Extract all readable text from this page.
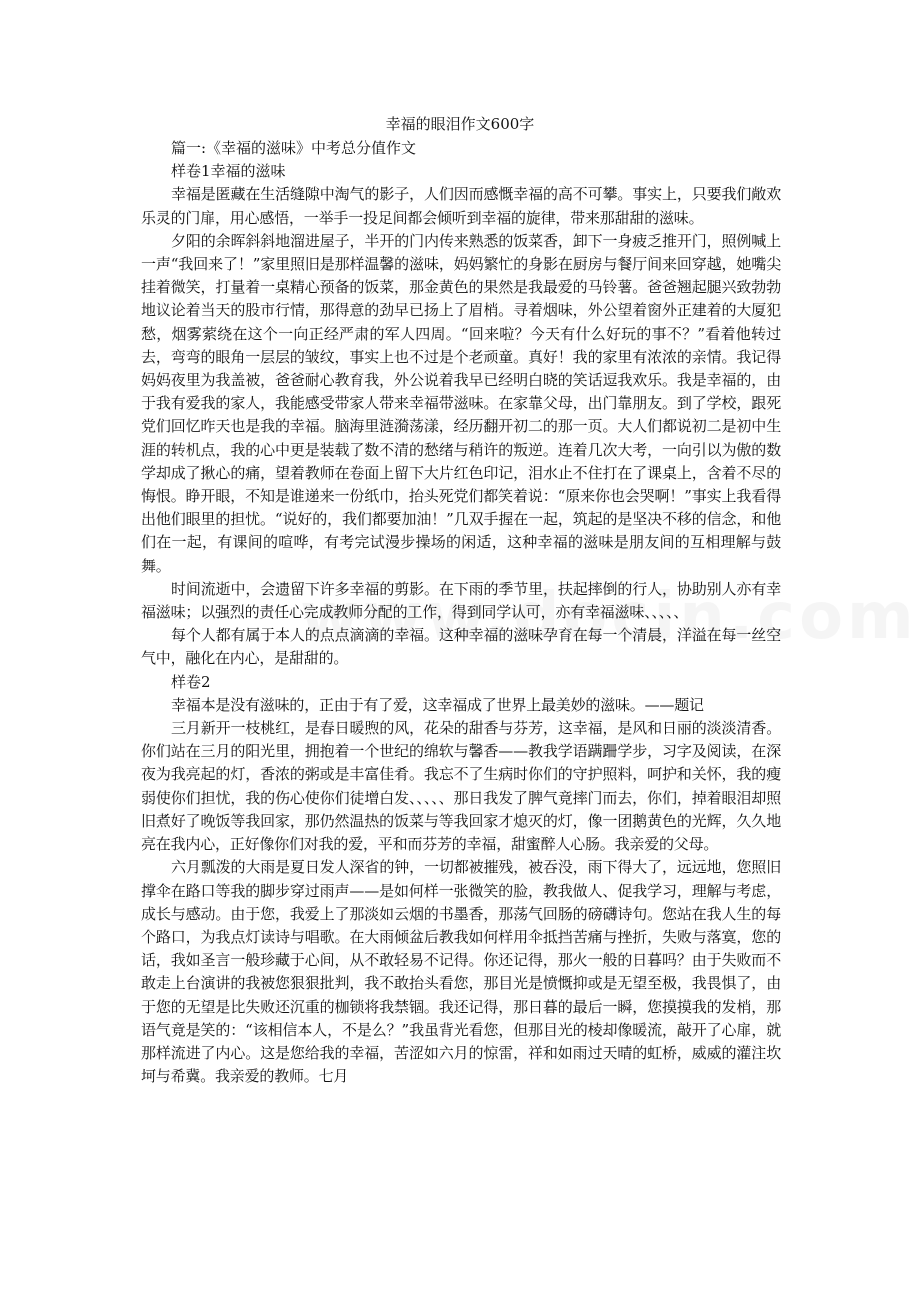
幸福的眼泪作文600字

篇一:《幸福的滋味》中考总分值作文

样卷1幸福的滋味

幸福是匿藏在生活缝隙中淘气的影子，人们因而感慨幸福的高不可攀。事实上，只要我们敞欢乐灵的门扉，用心感悟，一举手一投足间都会倾听到幸福的旋律，带来那甜甜的滋味。

夕阳的余晖斜斜地溜进屋子，半开的门内传来熟悉的饭菜香，卸下一身疲乏推开门，照例喊上一声“我回来了！”家里照旧是那样温馨的滋味，妈妈繁忙的身影在厨房与餐厅间来回穿越，她嘴尖挂着微笑，打量着一桌精心预备的饭菜，那金黄色的果然是我最爱的马铃薯。爸爸翘起腿兴致勃勃地议论着当天的股市行情，那得意的劲早已扬上了眉梢。寻着烟味，外公望着窗外正建着的大厦犯愁，烟雾萦绕在这个一向正经严肃的军人四周。“回来啦？今天有什么好玩的事不？”看着他转过去，弯弯的眼角一层层的皱纹，事实上也不过是个老顽童。真好！我的家里有浓浓的亲情。我记得妈妈夜里为我盖被，爸爸耐心教育我，外公说着我早已经明白晓的笑话逗我欢乐。我是幸福的，由于我有爱我的家人，我能感受带家人带来幸福带滋味。在家靠父母，出门靠朋友。到了学校，跟死党们回忆昨天也是我的幸福。脑海里涟漪荡漾，经历翻开初二的那一页。大人们都说初二是初中生涯的转机点，我的心中更是装载了数不清的愁绪与稍许的叛逆。连着几次大考，一向引以为傲的数学却成了揪心的痛，望着教师在卷面上留下大片红色印记，泪水止不住打在了课桌上，含着不尽的悔恨。睁开眼，不知是谁递来一份纸巾，抬头死党们都笑着说：“原来你也会哭啊！”事实上我看得出他们眼里的担忧。“说好的，我们都要加油！”几双手握在一起，筑起的是坚决不移的信念，和他们在一起，有课间的喧哗，有考完试漫步操场的闲适，这种幸福的滋味是朋友间的互相理解与鼓舞。

时间流逝中，会遗留下许多幸福的剪影。在下雨的季节里，扶起摔倒的行人，协助别人亦有幸福滋味；以强烈的责任心完成教师分配的工作，得到同学认可，亦有幸福滋味、、、、、

每个人都有属于本人的点点滴滴的幸福。这种幸福的滋味孕育在每一个清晨，洋溢在每一丝空气中，融化在内心，是甜甜的。

样卷2

幸福本是没有滋味的，正由于有了爱，这幸福成了世界上最美妙的滋味。——题记

三月新开一枝桃红，是春日暖煦的风，花朵的甜香与芬芳，这幸福，是风和日丽的淡淡清香。你们站在三月的阳光里，拥抱着一个世纪的绵软与馨香——教我学语蹒跚学步，习字及阅读，在深夜为我亮起的灯，香浓的粥或是丰富佳肴。我忘不了生病时你们的守护照料，呵护和关怀，我的瘦弱使你们担忧，我的伤心使你们徒增白发、、、、、那日我发了脾气竟摔门而去，你们，掉着眼泪却照旧煮好了晚饭等我回家，那仍然温热的饭菜与等我回家才熄灭的灯，像一团鹅黄色的光辉，久久地亮在我内心，正好像你们对我的爱，平和而芬芳的幸福，甜蜜醉人心肠。我亲爱的父母。

六月瓢泼的大雨是夏日发人深省的钟，一切都被摧残，被吞没，雨下得大了，远远地，您照旧撑伞在路口等我的脚步穿过雨声——是如何样一张微笑的脸，教我做人、促我学习，理解与考虑，成长与感动。由于您，我爱上了那淡如云烟的书墨香，那荡气回肠的磅礴诗句。您站在我人生的每个路口，为我点灯读诗与唱歌。在大雨倾盆后教我如何样用伞抵挡苦痛与挫折，失败与落寞，您的话，我如圣言一般珍藏于心间，从不敢轻易不记得。你还记得，那火一般的日暮吗？由于失败而不敢走上台演讲的我被您狠狠批判，我不敢抬头看您，那目光是愤慨抑或是无望至极，我畏惧了，由于您的无望是比失败还沉重的枷锁将我禁锢。我还记得，那日暮的最后一瞬，您摸摸我的发梢，那语气竟是笑的：“该相信本人，不是么？”我虽背光看您，但那目光的棱却像暖流，敲开了心扉，就那样流进了内心。这是您给我的幸福，苦涩如六月的惊雷，祥和如雨过天晴的虹桥，威威的灌注坎坷与希冀。我亲爱的教师。七月
